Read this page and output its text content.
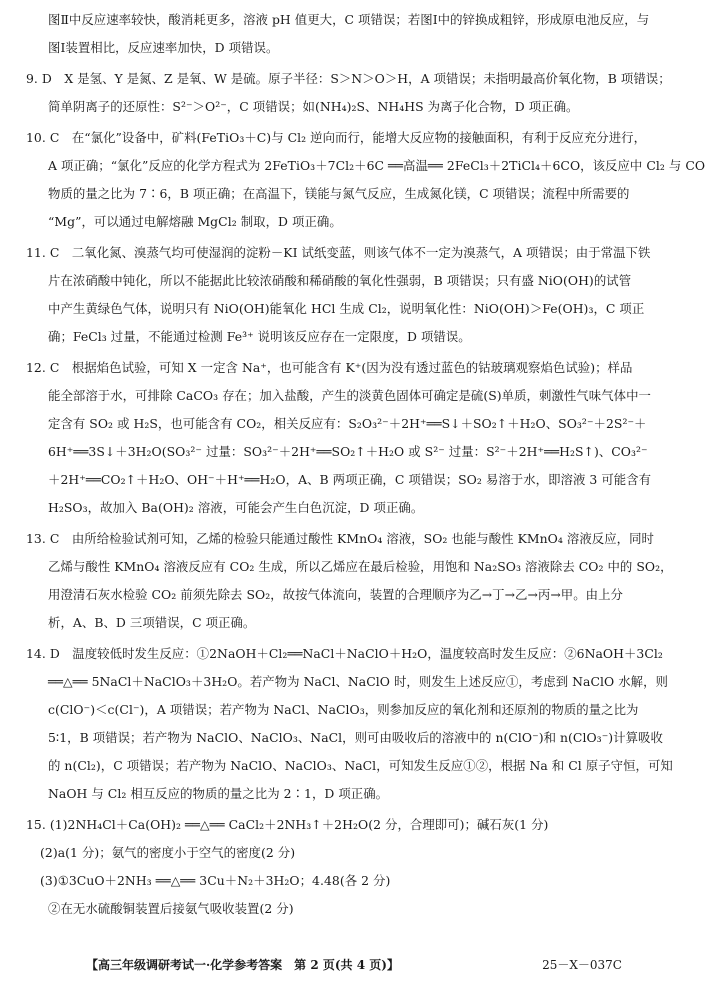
图Ⅱ中反应速率较快，酸消耗更多，溶液 pH 值更大，C 项错误；若图Ⅰ中的锌换成粗锌，形成原电池反应，与
图Ⅰ装置相比，反应速率加快，D 项错误。
9. D　X 是氢、Y 是氮、Z 是氧、W 是硫。原子半径：S＞N＞O＞H，A 项错误；未指明最高价氧化物，B 项错误；
简单阴离子的还原性：S²⁻＞O²⁻，C 项错误；如(NH₄)₂S、NH₄HS 为离子化合物，D 项正确。
10. C　在“氯化”设备中，矿料(FeTiO₃＋C)与 Cl₂ 逆向而行，能增大反应物的接触面积，有利于反应充分进行，
A 项正确；“氯化”反应的化学方程式为 2FeTiO₃＋7Cl₂＋6C ══高温══ 2FeCl₃＋2TiCl₄＋6CO，该反应中 Cl₂ 与 CO
物质的量之比为 7∶6，B 项正确；在高温下，镁能与氮气反应，生成氮化镁，C 项错误；流程中所需要的
“Mg”，可以通过电解熔融 MgCl₂ 制取，D 项正确。
11. C　二氧化氮、溴蒸气均可使湿润的淀粉－KI 试纸变蓝，则该气体不一定为溴蒸气，A 项错误；由于常温下铁
片在浓硝酸中钝化，所以不能据此比较浓硝酸和稀硝酸的氧化性强弱，B 项错误；只有盛 NiO(OH)的试管
中产生黄绿色气体，说明只有 NiO(OH)能氧化 HCl 生成 Cl₂，说明氧化性：NiO(OH)＞Fe(OH)₃，C 项正
确；FeCl₃ 过量，不能通过检测 Fe³⁺ 说明该反应存在一定限度，D 项错误。
12. C　根据焰色试验，可知 X 一定含 Na⁺，也可能含有 K⁺(因为没有透过蓝色的钴玻璃观察焰色试验)；样品
能全部溶于水，可排除 CaCO₃ 存在；加入盐酸，产生的淡黄色固体可确定是硫(S)单质，刺激性气味气体中一
定含有 SO₂ 或 H₂S，也可能含有 CO₂，相关反应有：S₂O₃²⁻＋2H⁺══S↓＋SO₂↑＋H₂O、SO₃²⁻＋2S²⁻＋
6H⁺══3S↓＋3H₂O(SO₃²⁻ 过量：SO₃²⁻＋2H⁺══SO₂↑＋H₂O 或 S²⁻ 过量：S²⁻＋2H⁺══H₂S↑)、CO₃²⁻
＋2H⁺══CO₂↑＋H₂O、OH⁻＋H⁺══H₂O，A、B 两项正确，C 项错误；SO₂ 易溶于水，即溶液 3 可能含有
H₂SO₃，故加入 Ba(OH)₂ 溶液，可能会产生白色沉淀，D 项正确。
13. C　由所给检验试剂可知，乙烯的检验只能通过酸性 KMnO₄ 溶液，SO₂ 也能与酸性 KMnO₄ 溶液反应，同时
乙烯与酸性 KMnO₄ 溶液反应有 CO₂ 生成，所以乙烯应在最后检验，用饱和 Na₂SO₃ 溶液除去 CO₂ 中的 SO₂，
用澄清石灰水检验 CO₂ 前须先除去 SO₂，故按气体流向，装置的合理顺序为乙→丁→乙→丙→甲。由上分
析，A、B、D 三项错误，C 项正确。
14. D　温度较低时发生反应：①2NaOH＋Cl₂══NaCl＋NaClO＋H₂O，温度较高时发生反应：②6NaOH＋3Cl₂
══△══ 5NaCl＋NaClO₃＋3H₂O。若产物为 NaCl、NaClO 时，则发生上述反应①，考虑到 NaClO 水解，则
c(ClO⁻)＜c(Cl⁻)，A 项错误；若产物为 NaCl、NaClO₃，则参加反应的氧化剂和还原剂的物质的量之比为
5∶1，B 项错误；若产物为 NaClO、NaClO₃、NaCl，则可由吸收后的溶液中的 n(ClO⁻)和 n(ClO₃⁻)计算吸收
的 n(Cl₂)，C 项错误；若产物为 NaClO、NaClO₃、NaCl，可知发生反应①②，根据 Na 和 Cl 原子守恒，可知
NaOH 与 Cl₂ 相互反应的物质的量之比为 2∶1，D 项正确。
15. (1)2NH₄Cl＋Ca(OH)₂ ══△══ CaCl₂＋2NH₃↑＋2H₂O(2 分，合理即可)；碱石灰(1 分)
(2)a(1 分)；氨气的密度小于空气的密度(2 分)
(3)①3CuO＋2NH₃ ══△══ 3Cu＋N₂＋3H₂O；4.48(各 2 分)
②在无水硫酸铜装置后接氨气吸收装置(2 分)
【高三年级调研考试一·化学参考答案　第 2 页(共 4 页)】	25－X－037C
